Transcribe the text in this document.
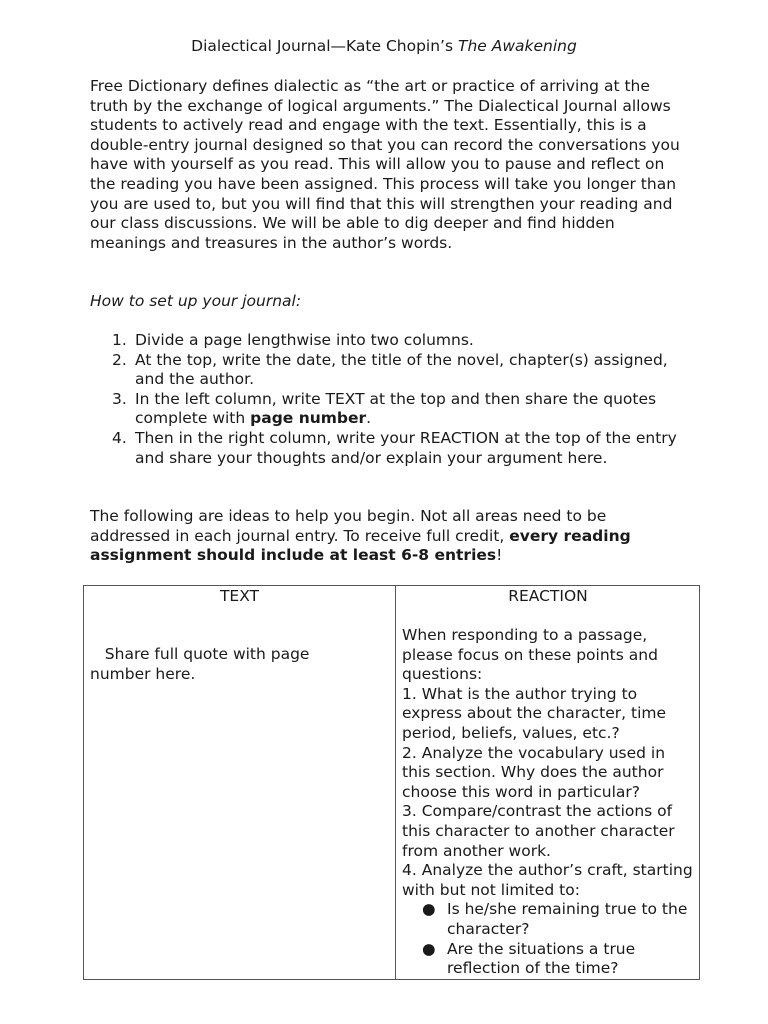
Dialectical Journal—Kate Chopin’s The Awakening

Free Dictionary defines dialectic as “the art or practice of arriving at the truth by the exchange of logical arguments.” The Dialectical Journal allows students to actively read and engage with the text. Essentially, this is a double-entry journal designed so that you can record the conversations you have with yourself as you read. This will allow you to pause and reflect on the reading you have been assigned. This process will take you longer than you are used to, but you will find that this will strengthen your reading and our class discussions. We will be able to dig deeper and find hidden meanings and treasures in the author’s words.

How to set up your journal:

1. Divide a page lengthwise into two columns.
2. At the top, write the date, the title of the novel, chapter(s) assigned, and the author.
3. In the left column, write TEXT at the top and then share the quotes complete with page number.
4. Then in the right column, write your REACTION at the top of the entry and share your thoughts and/or explain your argument here.

The following are ideas to help you begin. Not all areas need to be addressed in each journal entry. To receive full credit, every reading assignment should include at least 6-8 entries!

TEXT

Share full quote with page number here.

REACTION

When responding to a passage, please focus on these points and questions:

1. What is the author trying to express about the character, time period, beliefs, values, etc.?

2. Analyze the vocabulary used in this section. Why does the author choose this word in particular?

3. Compare/contrast the actions of this character to another character from another work.

4. Analyze the author’s craft, starting with but not limited to:

● Is he/she remaining true to the character?
● Are the situations a true reflection of the time?
